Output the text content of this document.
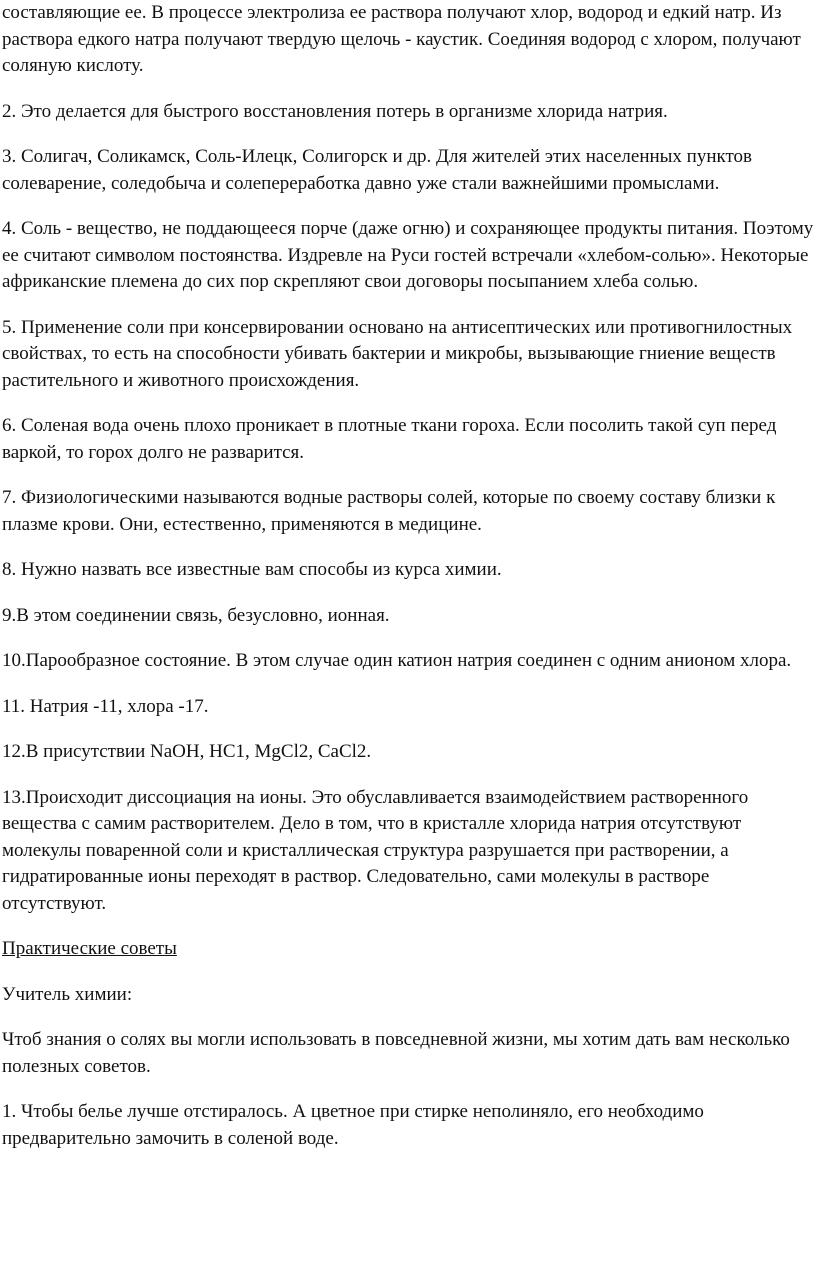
составляющие ее. В процессе электролиза ее раствора получают хлор, водород и едкий натр. Из раствора едкого натра получают твердую щелочь - каустик. Соединяя водород с хлором, получают соляную кислоту.

2. Это делается для быстрого восстановления потерь в организме хлорида натрия.

3. Солигач, Соликамск, Соль-Илецк, Солигорск и др. Для жителей этих населенных пунктов солеварение, соледобыча и солепереработка давно уже стали важнейшими промыслами.

4. Соль - вещество, не поддающееся порче (даже огню) и сохраняющее продукты питания. Поэтому ее считают символом постоянства. Издревле на Руси гостей встречали «хлебом-солью». Некоторые африканские племена до сих пор скрепляют свои договоры посыпанием хлеба солью.

5. Применение соли при консервировании основано на антисептических или противогнилостных свойствах, то есть на способности убивать бактерии и микробы, вызывающие гниение веществ растительного и животного происхождения.

6. Соленая вода очень плохо проникает в плотные ткани гороха. Если посолить такой суп перед варкой, то горох долго не разварится.

7. Физиологическими называются водные растворы солей, которые по своему составу близки к плазме крови. Они, естественно, применяются в медицине.

8. Нужно назвать все известные вам способы из курса химии.

9.В этом соединении связь, безусловно, ионная.

10.Парообразное состояние. В этом случае один катион натрия соединен с одним анионом хлора.

11. Натрия -11, хлора -17.

12.В присутствии NaOH, HC1, MgCl2, CaCl2.

13.Происходит диссоциация на ионы. Это обуславливается взаимодействием растворенного вещества с самим растворителем. Дело в том, что в кристалле хлорида натрия отсутствуют молекулы поваренной соли и кристаллическая структура разрушается при растворении, а гидратированные ионы переходят в раствор. Следовательно, сами молекулы в растворе отсутствуют.

Практические советы

Учитель химии:

Чтоб знания о солях вы могли использовать в повседневной жизни, мы хотим дать вам несколько полезных советов.

1. Чтобы белье лучше отстиралось. А цветное при стирке неполиняло, его необходимо предварительно замочить в соленой воде.
